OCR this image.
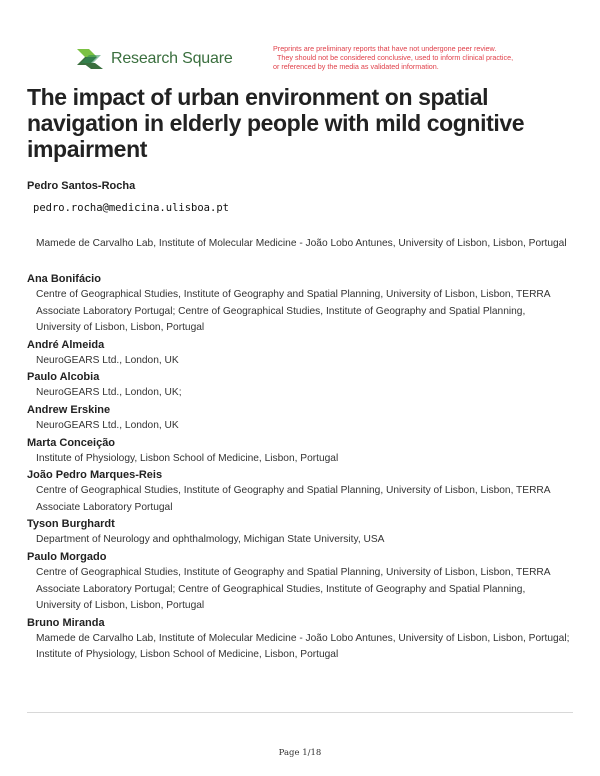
Research Square
Preprints are preliminary reports that have not undergone peer review.
They should not be considered conclusive, used to inform clinical practice,
or referenced by the media as validated information.
The impact of urban environment on spatial navigation in elderly people with mild cognitive impairment
Pedro Santos-Rocha
pedro.rocha@medicina.ulisboa.pt
Mamede de Carvalho Lab, Institute of Molecular Medicine - João Lobo Antunes, University of Lisbon, Lisbon, Portugal
Ana Bonifácio
Centre of Geographical Studies, Institute of Geography and Spatial Planning, University of Lisbon, Lisbon, TERRA Associate Laboratory Portugal; Centre of Geographical Studies, Institute of Geography and Spatial Planning, University of Lisbon, Lisbon, Portugal
André Almeida
NeuroGEARS Ltd., London, UK
Paulo Alcobia
NeuroGEARS Ltd., London, UK;
Andrew Erskine
NeuroGEARS Ltd., London, UK
Marta Conceição
Institute of Physiology, Lisbon School of Medicine, Lisbon, Portugal
João Pedro Marques-Reis
Centre of Geographical Studies, Institute of Geography and Spatial Planning, University of Lisbon, Lisbon, TERRA Associate Laboratory Portugal
Tyson Burghardt
Department of Neurology and ophthalmology, Michigan State University, USA
Paulo Morgado
Centre of Geographical Studies, Institute of Geography and Spatial Planning, University of Lisbon, Lisbon, TERRA Associate Laboratory Portugal; Centre of Geographical Studies, Institute of Geography and Spatial Planning, University of Lisbon, Lisbon, Portugal
Bruno Miranda
Mamede de Carvalho Lab, Institute of Molecular Medicine - João Lobo Antunes, University of Lisbon, Lisbon, Portugal; Institute of Physiology, Lisbon School of Medicine, Lisbon, Portugal
Page 1/18
